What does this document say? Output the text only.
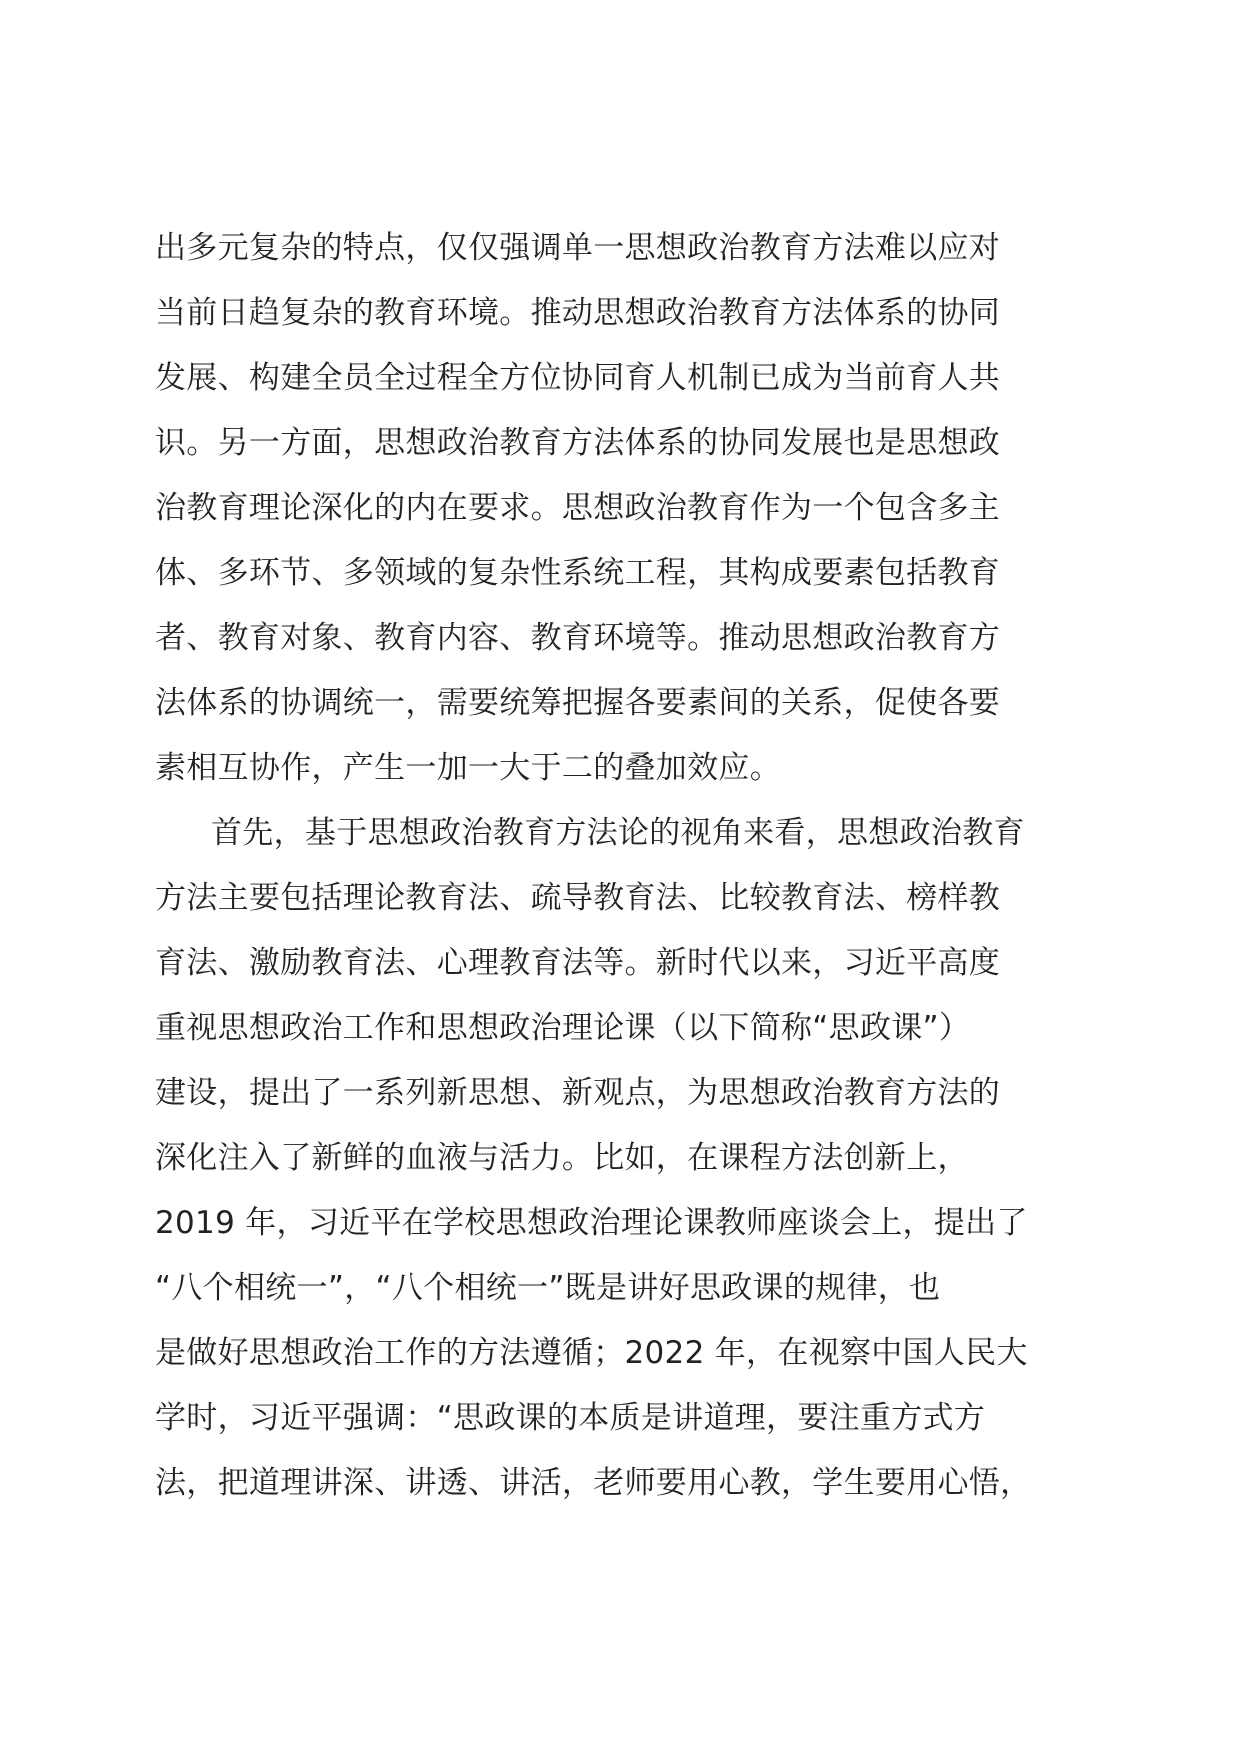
出多元复杂的特点，仅仅强调单一思想政治教育方法难以应对
当前日趋复杂的教育环境。推动思想政治教育方法体系的协同
发展、构建全员全过程全方位协同育人机制已成为当前育人共
识。另一方面，思想政治教育方法体系的协同发展也是思想政
治教育理论深化的内在要求。思想政治教育作为一个包含多主
体、多环节、多领域的复杂性系统工程，其构成要素包括教育
者、教育对象、教育内容、教育环境等。推动思想政治教育方
法体系的协调统一，需要统筹把握各要素间的关系，促使各要
素相互协作，产生一加一大于二的叠加效应。
首先，基于思想政治教育方法论的视角来看，思想政治教育
方法主要包括理论教育法、疏导教育法、比较教育法、榜样教
育法、激励教育法、心理教育法等。新时代以来，习近平高度
重视思想政治工作和思想政治理论课（以下简称“思政课”）
建设，提出了一系列新思想、新观点，为思想政治教育方法的
深化注入了新鲜的血液与活力。比如，在课程方法创新上，
2019 年，习近平在学校思想政治理论课教师座谈会上，提出了
“八个相统一”，“八个相统一”既是讲好思政课的规律，也
是做好思想政治工作的方法遵循；2022 年，在视察中国人民大
学时，习近平强调：“思政课的本质是讲道理，要注重方式方
法，把道理讲深、讲透、讲活，老师要用心教，学生要用心悟，
